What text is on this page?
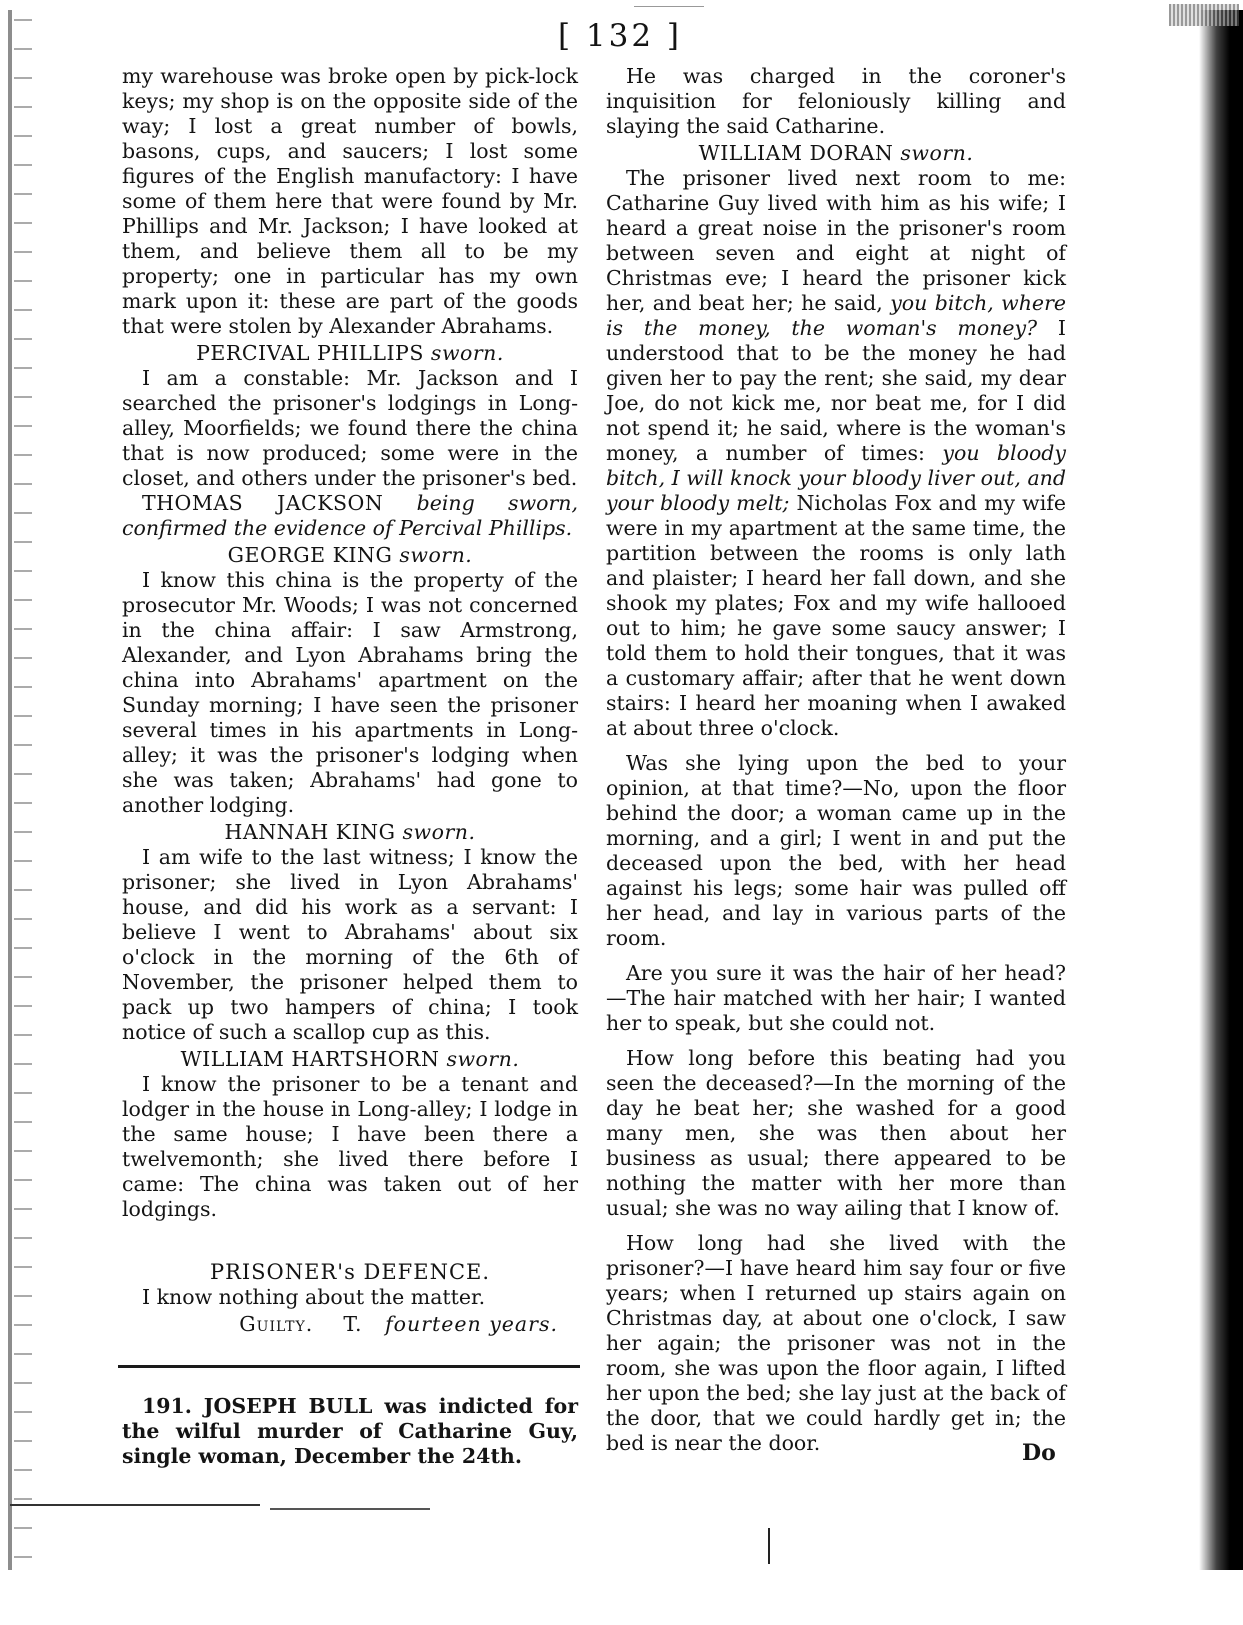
[ 132 ]

my warehouse was broke open by pick-lock keys; my shop is on the opposite side of the way; I lost a great number of bowls, basons, cups, and saucers; I lost some figures of the English manufactory: I have some of them here that were found by Mr. Phillips and Mr. Jackson; I have looked at them, and believe them all to be my property; one in particular has my own mark upon it: these are part of the goods that were stolen by Alexander Abrahams.

PERCIVAL PHILLIPS sworn.

I am a constable: Mr. Jackson and I searched the prisoner's lodgings in Long-alley, Moorfields; we found there the china that is now produced; some were in the closet, and others under the prisoner's bed.

THOMAS JACKSON being sworn, confirmed the evidence of Percival Phillips.
GEORGE KING sworn.

I know this china is the property of the prosecutor Mr. Woods; I was not concerned in the china affair: I saw Armstrong, Alexander, and Lyon Abrahams bring the china into Abrahams' apartment on the Sunday morning; I have seen the prisoner several times in his apartments in Long-alley; it was the prisoner's lodging when she was taken; Abrahams' had gone to another lodging.

HANNAH KING sworn.

I am wife to the last witness; I know the prisoner; she lived in Lyon Abrahams' house, and did his work as a servant: I believe I went to Abrahams' about six o'clock in the morning of the 6th of November, the prisoner helped them to pack up two hampers of china; I took notice of such a scallop cup as this.

WILLIAM HARTSHORN sworn.

I know the prisoner to be a tenant and lodger in the house in Long-alley; I lodge in the same house; I have been there a twelvemonth; she lived there before I came: The china was taken out of her lodgings.

PRISONER's DEFENCE.

I know nothing about the matter.

Guilty. T. fourteen years.

191. JOSEPH BULL was indicted for the wilful murder of Catharine Guy, single woman, December the 24th.

He was charged in the coroner's inquisition for feloniously killing and slaying the said Catharine.

WILLIAM DORAN sworn.

The prisoner lived next room to me: Catharine Guy lived with him as his wife; I heard a great noise in the prisoner's room between seven and eight at night of Christmas eve; I heard the prisoner kick her, and beat her; he said, you bitch, where is the money, the woman's money? I understood that to be the money he had given her to pay the rent; she said, my dear Joe, do not kick me, nor beat me, for I did not spend it; he said, where is the woman's money, a number of times: you bloody bitch, I will knock your bloody liver out, and your bloody melt; Nicholas Fox and my wife were in my apartment at the same time, the partition between the rooms is only lath and plaister; I heard her fall down, and she shook my plates; Fox and my wife hallooed out to him; he gave some saucy answer; I told them to hold their tongues, that it was a customary affair; after that he went down stairs: I heard her moaning when I awaked at about three o'clock.

Was she lying upon the bed to your opinion, at that time?—No, upon the floor behind the door; a woman came up in the morning, and a girl; I went in and put the deceased upon the bed, with her head against his legs; some hair was pulled off her head, and lay in various parts of the room.

Are you sure it was the hair of her head?—The hair matched with her hair; I wanted her to speak, but she could not.

How long before this beating had you seen the deceased?—In the morning of the day he beat her; she washed for a good many men, she was then about her business as usual; there appeared to be nothing the matter with her more than usual; she was no way ailing that I know of.

How long had she lived with the prisoner?—I have heard him say four or five years; when I returned up stairs again on Christmas day, at about one o'clock, I saw her again; the prisoner was not in the room, she was upon the floor again, I lifted her upon the bed; she lay just at the back of the door, that we could hardly get in; the bed is near the door.	Do
